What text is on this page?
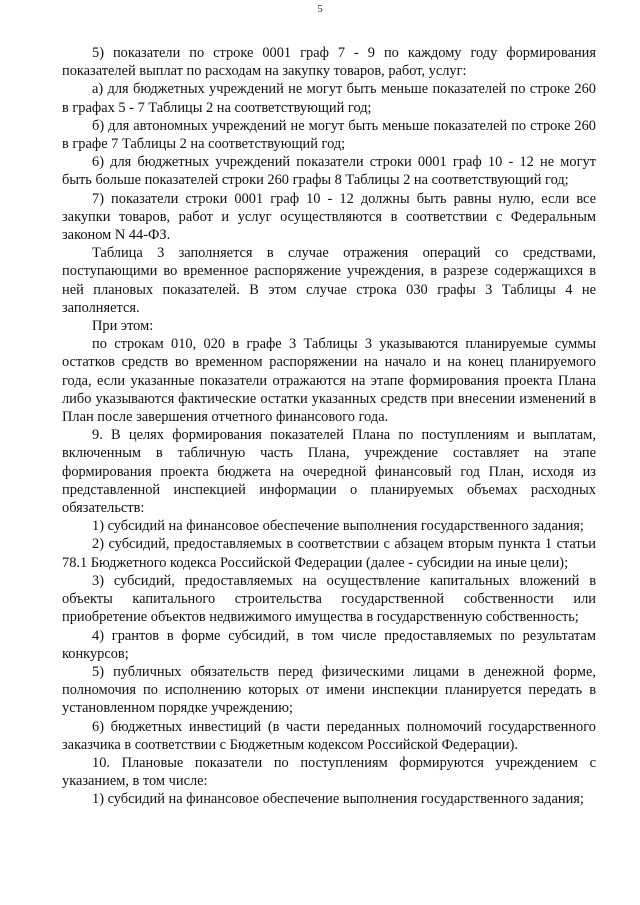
5

5) показатели по строке 0001 граф 7 - 9 по каждому году формирования показателей выплат по расходам на закупку товаров, работ, услуг:

а) для бюджетных учреждений не могут быть меньше показателей по строке 260 в графах 5 - 7 Таблицы 2 на соответствующий год;

б) для автономных учреждений не могут быть меньше показателей по строке 260 в графе 7 Таблицы 2 на соответствующий год;

6) для бюджетных учреждений показатели строки 0001 граф 10 - 12 не могут быть больше показателей строки 260 графы 8 Таблицы 2 на соответствующий год;

7) показатели строки 0001 граф 10 - 12 должны быть равны нулю, если все закупки товаров, работ и услуг осуществляются в соответствии с Федеральным законом N 44-ФЗ.

Таблица 3 заполняется в случае отражения операций со средствами, поступающими во временное распоряжение учреждения, в разрезе содержащихся в ней плановых показателей. В этом случае строка 030 графы 3 Таблицы 4 не заполняется.

При этом:

по строкам 010, 020 в графе 3 Таблицы 3 указываются планируемые суммы остатков средств во временном распоряжении на начало и на конец планируемого года, если указанные показатели отражаются на этапе формирования проекта Плана либо указываются фактические остатки указанных средств при внесении изменений в План после завершения отчетного финансового года.

9. В целях формирования показателей Плана по поступлениям и выплатам, включенным в табличную часть Плана, учреждение составляет на этапе формирования проекта бюджета на очередной финансовый год План, исходя из представленной инспекцией информации о планируемых объемах расходных обязательств:

1) субсидий на финансовое обеспечение выполнения государственного задания;

2) субсидий, предоставляемых в соответствии с абзацем вторым пункта 1 статьи 78.1 Бюджетного кодекса Российской Федерации (далее - субсидии на иные цели);

3) субсидий, предоставляемых на осуществление капитальных вложений в объекты капитального строительства государственной собственности или приобретение объектов недвижимого имущества в государственную собственность;

4) грантов в форме субсидий, в том числе предоставляемых по результатам конкурсов;

5) публичных обязательств перед физическими лицами в денежной форме, полномочия по исполнению которых от имени инспекции планируется передать в установленном порядке учреждению;

6) бюджетных инвестиций (в части переданных полномочий государственного заказчика в соответствии с Бюджетным кодексом Российской Федерации).

10. Плановые показатели по поступлениям формируются учреждением с указанием, в том числе:

1) субсидий на финансовое обеспечение выполнения государственного задания;
